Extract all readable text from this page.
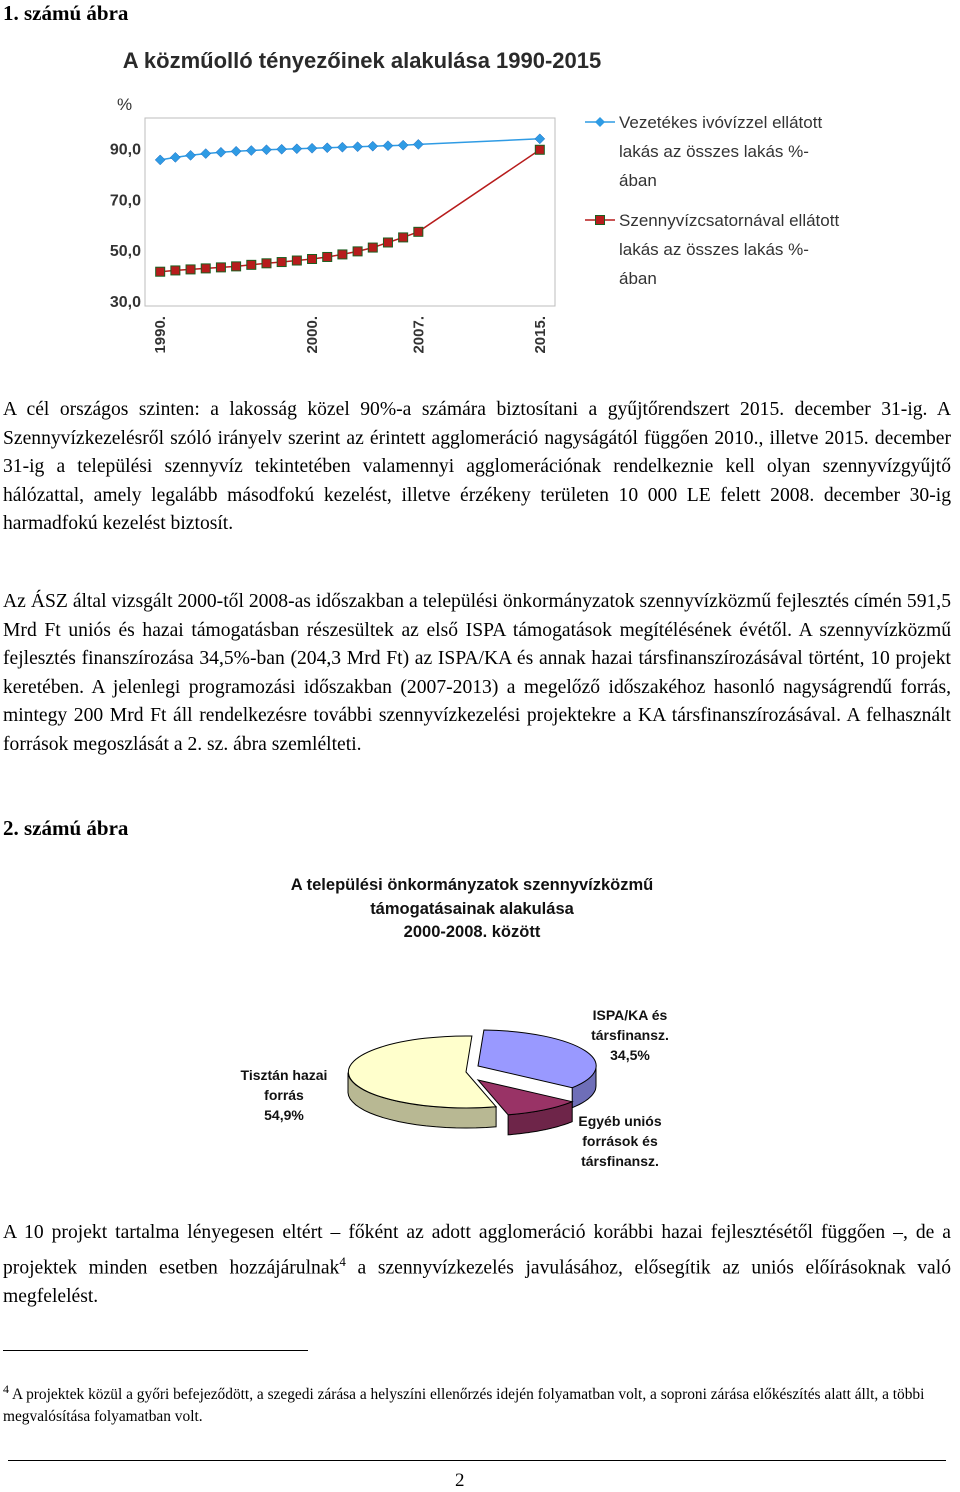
1. számú ábra
A közműolló tényezőinek alakulása 1990-2015
%
90,0
70,0
50,0
30,0
1990.	2000.	2007.	2015.
Vezetékes ivóvízzel ellátott
lakás az összes lakás %-
ában
Szennyvízcsatornával ellátott
lakás az összes lakás %-
ában
A cél országos szinten: a lakosság közel 90%-a számára biztosítani a gyűjtőrendszert 2015. december 31-ig. A Szennyvízkezelésről szóló irányelv szerint az érintett agglomeráció nagyságától függően 2010., illetve 2015. december 31-ig a települési szennyvíz tekintetében valamennyi agglomerációnak rendelkeznie kell olyan szennyvízgyűjtő hálózattal, amely legalább másodfokú kezelést, illetve érzékeny területen 10 000 LE felett 2008. december 30-ig harmadfokú kezelést biztosít.
Az ÁSZ által vizsgált 2000-től 2008-as időszakban a települési önkormányzatok szennyvízközmű fejlesztés címén 591,5 Mrd Ft uniós és hazai támogatásban részesültek az első ISPA támogatások megítélésének évétől. A szennyvízközmű fejlesztés finanszírozása 34,5%-ban (204,3 Mrd Ft) az ISPA/KA és annak hazai társfinanszírozásával történt, 10 projekt keretében. A jelenlegi programozási időszakban (2007-2013) a megelőző időszakéhoz hasonló nagyságrendű forrás, mintegy 200 Mrd Ft áll rendelkezésre további szennyvízkezelési projektekre a KA társfinanszírozásával. A felhasznált források megoszlását a 2. sz. ábra szemlélteti.
2. számú ábra
A települési önkormányzatok szennyvízközmű
támogatásainak alakulása
2000-2008. között
ISPA/KA és
társfinansz.
34,5%
Egyéb uniós
források és
társfinansz.
Tisztán hazai
forrás
54,9%
A 10 projekt tartalma lényegesen eltért – főként az adott agglomeráció korábbi hazai fejlesztésétől függően –, de a projektek minden esetben hozzájárulnak$^4$ a szennyvízkezelés javulásához, elősegítik az uniós előírásoknak való megfelelést.
$^4$ A projektek közül a győri befejeződött, a szegedi zárása a helyszíni ellenőrzés idején folyamatban volt, a soproni zárása előkészítés alatt állt, a többi megvalósítása folyamatban volt.
2
